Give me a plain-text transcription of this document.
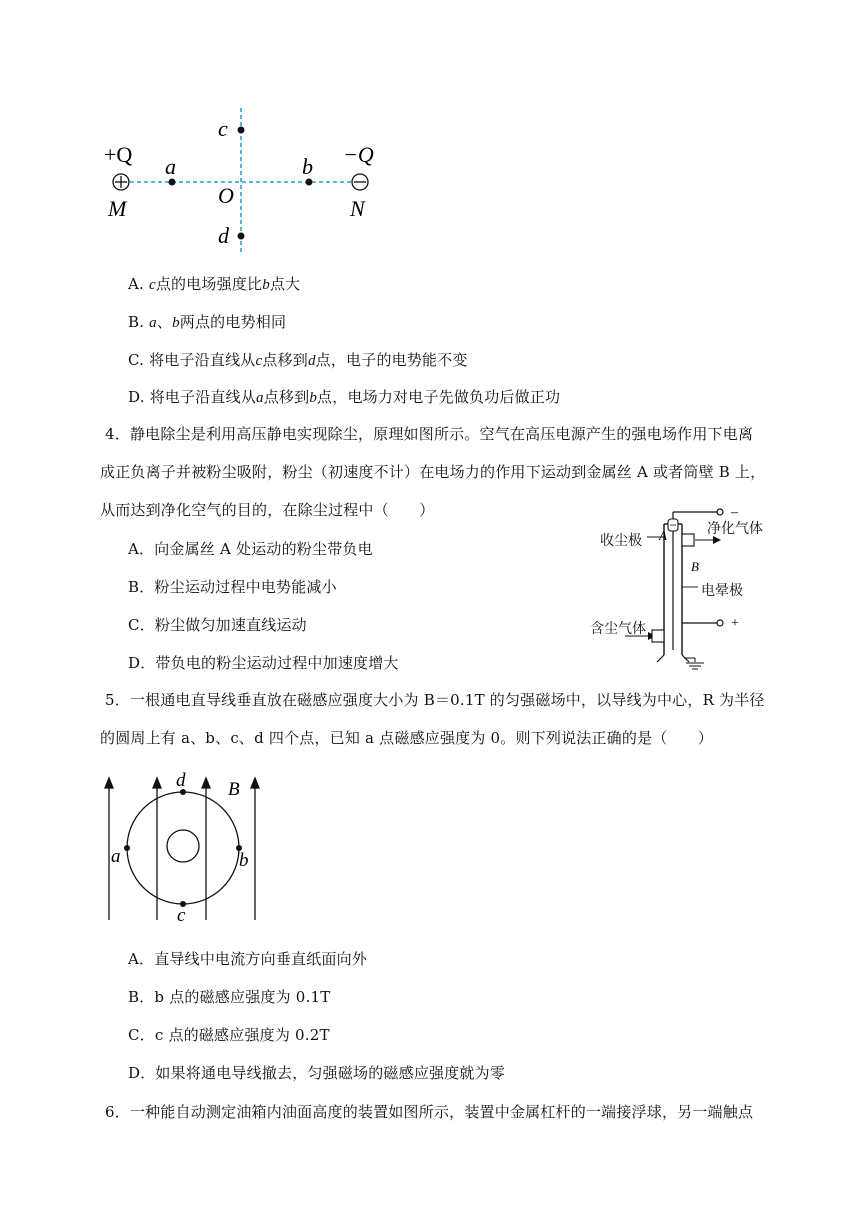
+Q	−Q
M	N
a	b
c
d
O
A. c点的电场强度比b点大
B. a、b两点的电势相同
C. 将电子沿直线从c点移到d点，电子的电势能不变
D. 将电子沿直线从a点移到b点，电场力对电子先做负功后做正功
4．静电除尘是利用高压静电实现除尘，原理如图所示。空气在高压电源产生的强电场作用下电离
成正负离子并被粉尘吸附，粉尘（初速度不计）在电场力的作用下运动到金属丝 A 或者筒壁 B 上，
从而达到净化空气的目的，在除尘过程中（　　）
A．向金属丝 A 处运动的粉尘带负电
B．粉尘运动过程中电势能减小
C．粉尘做匀加速直线运动
D．带负电的粉尘运动过程中加速度增大
–
A
B
+
收尘极
净化气体
电晕极
含尘气体
5．一根通电直导线垂直放在磁感应强度大小为 B＝0.1T 的匀强磁场中，以导线为中心，R 为半径
的圆周上有 a、b、c、d 四个点，已知 a 点磁感应强度为 0。则下列说法正确的是（　　）
a	b
c
d B
A．直导线中电流方向垂直纸面向外
B．b 点的磁感应强度为 0.1T
C．c 点的磁感应强度为 0.2T
D．如果将通电导线撤去，匀强磁场的磁感应强度就为零
6．一种能自动测定油箱内油面高度的装置如图所示，装置中金属杠杆的一端接浮球，另一端触点
